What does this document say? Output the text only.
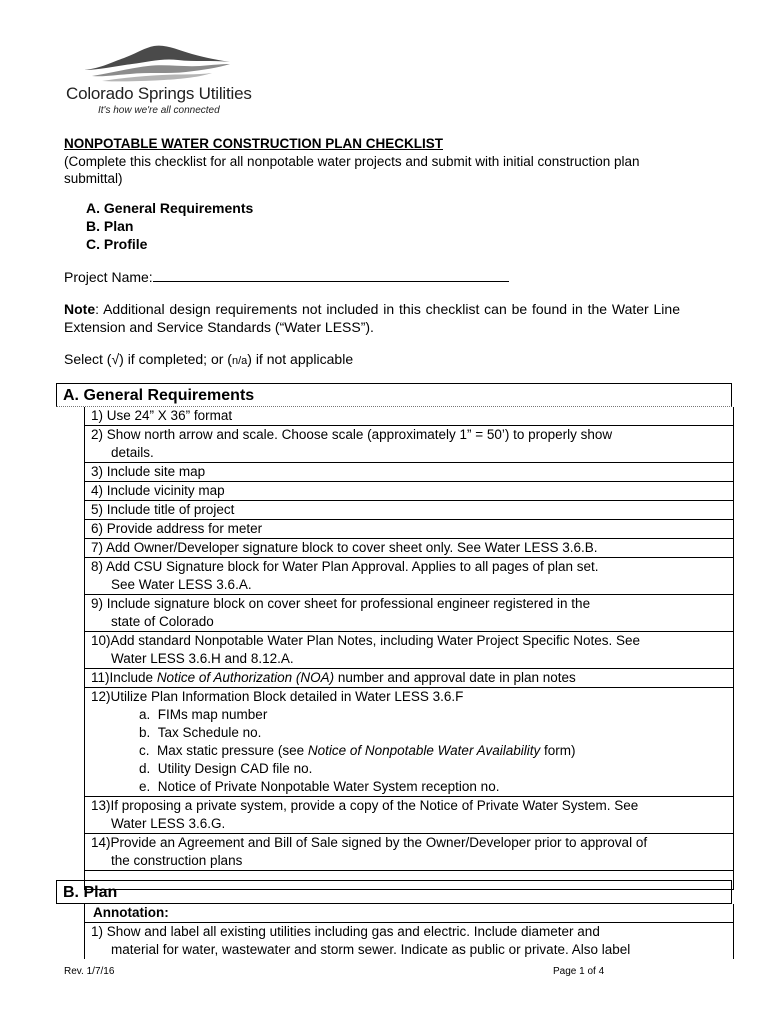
Colorado Springs Utilities
It's how we're all connected
NONPOTABLE WATER CONSTRUCTION PLAN CHECKLIST
(Complete this checklist for all nonpotable water projects and submit with initial construction plan submittal)
A. General Requirements
B. Plan
C. Profile
Project Name:
Note: Additional design requirements not included in this checklist can be found in the Water Line Extension and Service Standards (“Water LESS”).
Select (√) if completed; or (n/a) if not applicable
A. General Requirements
1) Use 24” X 36” format
2) Show north arrow and scale. Choose scale (approximately 1” = 50’) to properly show
details.
3) Include site map
4) Include vicinity map
5) Include title of project
6) Provide address for meter
7) Add Owner/Developer signature block to cover sheet only. See Water LESS 3.6.B.
8) Add CSU Signature block for Water Plan Approval. Applies to all pages of plan set.
See Water LESS 3.6.A.
9) Include signature block on cover sheet for professional engineer registered in the
state of Colorado
10)Add standard Nonpotable Water Plan Notes, including Water Project Specific Notes. See
Water LESS 3.6.H and 8.12.A.
11)Include Notice of Authorization (NOA) number and approval date in plan notes
12)Utilize Plan Information Block detailed in Water LESS 3.6.F
a. FIMs map number
b. Tax Schedule no.
c. Max static pressure (see Notice of Nonpotable Water Availability form)
d. Utility Design CAD file no.
e. Notice of Private Nonpotable Water System reception no.
13)If proposing a private system, provide a copy of the Notice of Private Water System. See
Water LESS 3.6.G.
14)Provide an Agreement and Bill of Sale signed by the Owner/Developer prior to approval of
the construction plans
B. Plan
Annotation:
1) Show and label all existing utilities including gas and electric. Include diameter and
material for water, wastewater and storm sewer. Indicate as public or private. Also label
Rev. 1/7/16	Page 1 of 4
